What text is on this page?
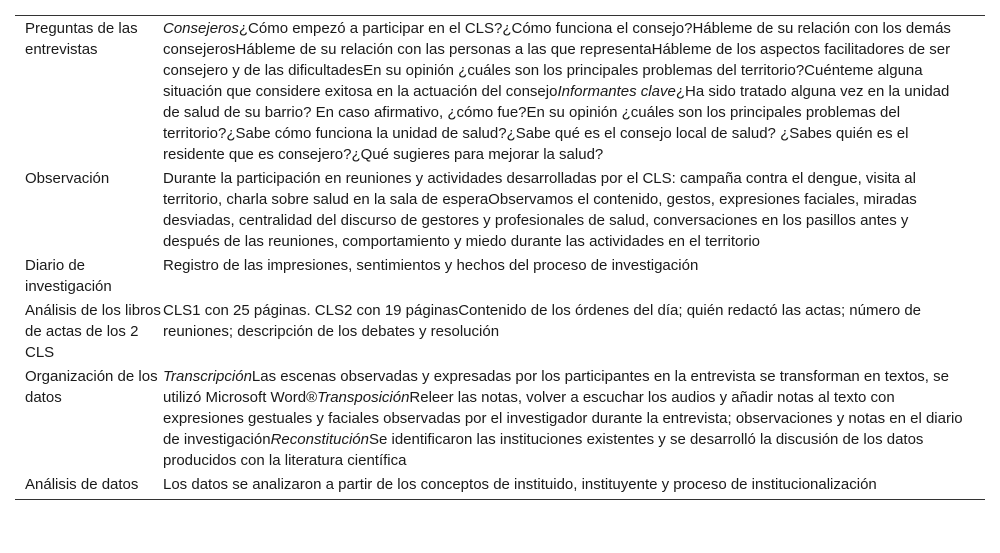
Preguntas de las entrevistas	Consejeros¿Cómo empezó a participar en el CLS?¿Cómo funciona el consejo?Hábleme de su relación con los demás consejerosHábleme de su relación con las personas a las que representaHábleme de los aspectos facilitadores de ser consejero y de las dificultadesEn su opinión ¿cuáles son los principales problemas del territorio?Cuénteme alguna situación que considere exitosa en la actuación del consejoInformantes clave¿Ha sido tratado alguna vez en la unidad de salud de su barrio? En caso afirmativo, ¿cómo fue?En su opinión ¿cuáles son los principales problemas del territorio?¿Sabe cómo funciona la unidad de salud?¿Sabe qué es el consejo local de salud? ¿Sabes quién es el residente que es consejero?¿Qué sugieres para mejorar la salud?
Observación	Durante la participación en reuniones y actividades desarrolladas por el CLS: campaña contra el dengue, visita al territorio, charla sobre salud en la sala de esperaObservamos el contenido, gestos, expresiones faciales, miradas desviadas, centralidad del discurso de gestores y profesionales de salud, conversaciones en los pasillos antes y después de las reuniones, comportamiento y miedo durante las actividades en el territorio
Diario de investigación	Registro de las impresiones, sentimientos y hechos del proceso de investigación
Análisis de los libros de actas de los 2 CLS	CLS1 con 25 páginas. CLS2 con 19 páginasContenido de los órdenes del día; quién redactó las actas; número de reuniones; descripción de los debates y resolución
Organización de los datos	TranscripciónLas escenas observadas y expresadas por los participantes en la entrevista se transforman en textos, se utilizó Microsoft Word®TransposiciónReleer las notas, volver a escuchar los audios y añadir notas al texto con expresiones gestuales y faciales observadas por el investigador durante la entrevista; observaciones y notas en el diario de investigaciónReconstituciónSe identificaron las instituciones existentes y se desarrolló la discusión de los datos producidos con la literatura científica
Análisis de datos	Los datos se analizaron a partir de los conceptos de instituido, instituyente y proceso de institucionalización
